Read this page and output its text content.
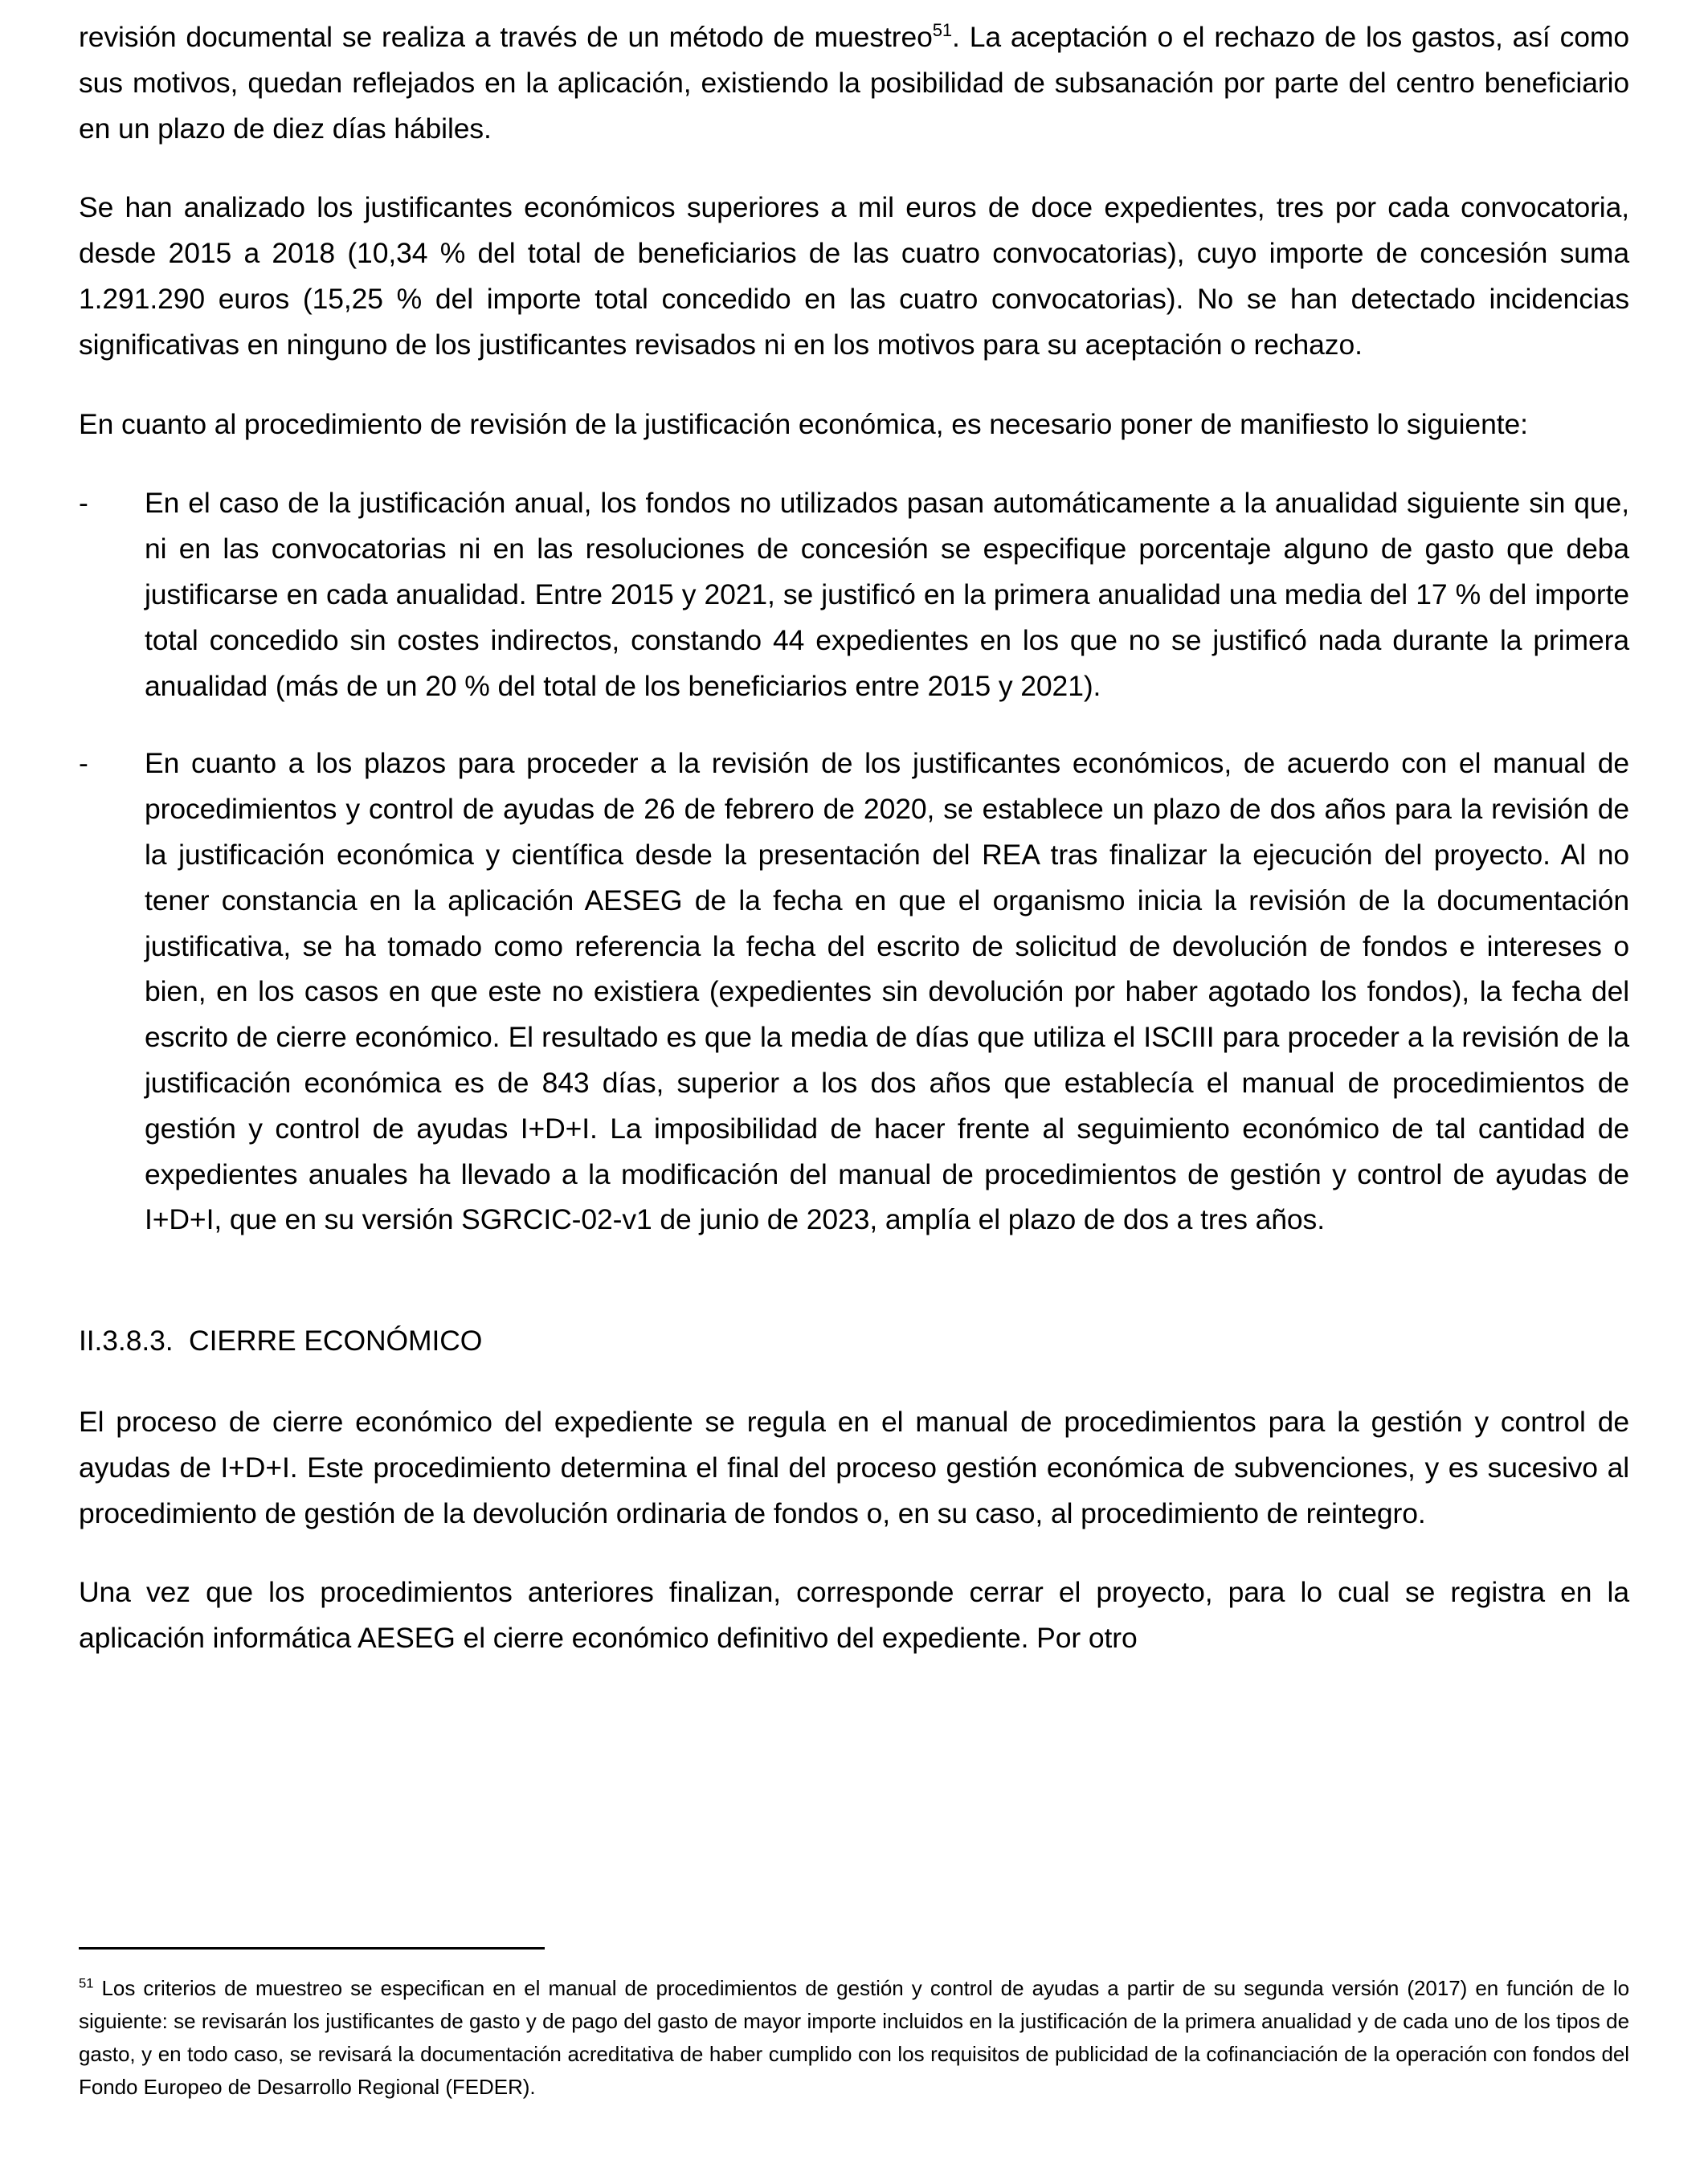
revisión documental se realiza a través de un método de muestreo$^{51}$. La aceptación o el rechazo de los gastos, así como sus motivos, quedan reflejados en la aplicación, existiendo la posibilidad de subsanación por parte del centro beneficiario en un plazo de diez días hábiles.

Se han analizado los justificantes económicos superiores a mil euros de doce expedientes, tres por cada convocatoria, desde 2015 a 2018 (10,34 % del total de beneficiarios de las cuatro convocatorias), cuyo importe de concesión suma 1.291.290 euros (15,25 % del importe total concedido en las cuatro convocatorias). No se han detectado incidencias significativas en ninguno de los justificantes revisados ni en los motivos para su aceptación o rechazo.

En cuanto al procedimiento de revisión de la justificación económica, es necesario poner de manifiesto lo siguiente:

- En el caso de la justificación anual, los fondos no utilizados pasan automáticamente a la anualidad siguiente sin que, ni en las convocatorias ni en las resoluciones de concesión se especifique porcentaje alguno de gasto que deba justificarse en cada anualidad. Entre 2015 y 2021, se justificó en la primera anualidad una media del 17 % del importe total concedido sin costes indirectos, constando 44 expedientes en los que no se justificó nada durante la primera anualidad (más de un 20 % del total de los beneficiarios entre 2015 y 2021).
- En cuanto a los plazos para proceder a la revisión de los justificantes económicos, de acuerdo con el manual de procedimientos y control de ayudas de 26 de febrero de 2020, se establece un plazo de dos años para la revisión de la justificación económica y científica desde la presentación del REA tras finalizar la ejecución del proyecto. Al no tener constancia en la aplicación AESEG de la fecha en que el organismo inicia la revisión de la documentación justificativa, se ha tomado como referencia la fecha del escrito de solicitud de devolución de fondos e intereses o bien, en los casos en que este no existiera (expedientes sin devolución por haber agotado los fondos), la fecha del escrito de cierre económico. El resultado es que la media de días que utiliza el ISCIII para proceder a la revisión de la justificación económica es de 843 días, superior a los dos años que establecía el manual de procedimientos de gestión y control de ayudas I+D+I. La imposibilidad de hacer frente al seguimiento económico de tal cantidad de expedientes anuales ha llevado a la modificación del manual de procedimientos de gestión y control de ayudas de I+D+I, que en su versión SGRCIC-02-v1 de junio de 2023, amplía el plazo de dos a tres años.
II.3.8.3.  CIERRE ECONÓMICO

El proceso de cierre económico del expediente se regula en el manual de procedimientos para la gestión y control de ayudas de I+D+I. Este procedimiento determina el final del proceso gestión económica de subvenciones, y es sucesivo al procedimiento de gestión de la devolución ordinaria de fondos o, en su caso, al procedimiento de reintegro.

Una vez que los procedimientos anteriores finalizan, corresponde cerrar el proyecto, para lo cual se registra en la aplicación informática AESEG el cierre económico definitivo del expediente. Por otro

$^{51}$ Los criterios de muestreo se especifican en el manual de procedimientos de gestión y control de ayudas a partir de su segunda versión (2017) en función de lo siguiente: se revisarán los justificantes de gasto y de pago del gasto de mayor importe incluidos en la justificación de la primera anualidad y de cada uno de los tipos de gasto, y en todo caso, se revisará la documentación acreditativa de haber cumplido con los requisitos de publicidad de la cofinanciación de la operación con fondos del Fondo Europeo de Desarrollo Regional (FEDER).
